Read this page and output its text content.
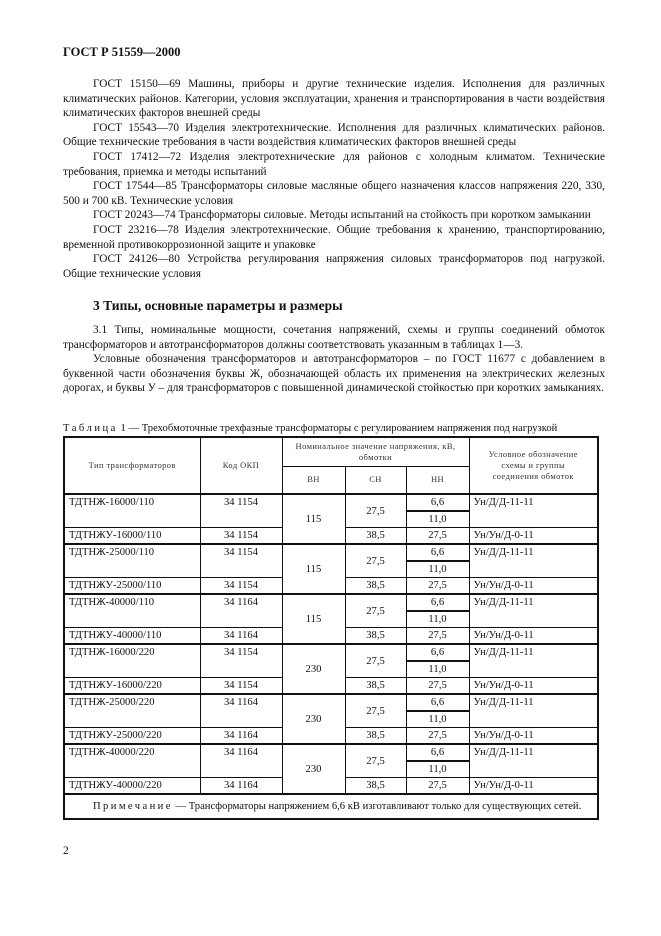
ГОСТ Р 51559—2000

ГОСТ 15150—69 Машины, приборы и другие технические изделия. Исполнения для различных климатических районов. Категории, условия эксплуатации, хранения и транспортирования в части воздействия климатических факторов внешней среды

ГОСТ 15543—70 Изделия электротехнические. Исполнения для различных климатических районов. Общие технические требования в части воздействия климатических факторов внешней среды

ГОСТ 17412—72 Изделия электротехнические для районов с холодным климатом. Технические требования, приемка и методы испытаний

ГОСТ 17544—85 Трансформаторы силовые масляные общего назначения классов напряжения 220, 330, 500 и 700 кВ. Технические условия

ГОСТ 20243—74 Трансформаторы силовые. Методы испытаний на стойкость при коротком замыкании

ГОСТ 23216—78 Изделия электротехнические. Общие требования к хранению, транспортированию, временной противокоррозионной защите и упаковке

ГОСТ 24126—80 Устройства регулирования напряжения силовых трансформаторов под нагрузкой. Общие технические условия

3 Типы, основные параметры и размеры

3.1 Типы, номинальные мощности, сочетания напряжений, схемы и группы соединений обмоток трансформаторов и автотрансформаторов должны соответствовать указанным в таблицах 1—3.

Условные обозначения трансформаторов и автотрансформаторов – по ГОСТ 11677 с добавлением в буквенной части обозначения буквы Ж, обозначающей область их применения на электрических железных дорогах, и буквы У – для трансформаторов с повышенной динамической стойкостью при коротких замыканиях.

Таблица 1 — Трехобмоточные трехфазные трансформаторы с регулированием напряжения под нагрузкой
Тип трансформаторов	Код ОКП	Номинальное значение напряжения, кВ, обмотки			Условное обозначение схемы и группы соединения обмоток
		ВН	СН	НН	
ТДТНЖ-16000/110	34 1154	115	27,5	6,6	Ун/Д/Д-11-11
				11,0	
ТДТНЖУ-16000/110	34 1154		38,5	27,5	Ун/Ун/Д-0-11
ТДТНЖ-25000/110	34 1154	115	27,5	6,6	Ун/Д/Д-11-11
				11,0	
ТДТНЖУ-25000/110	34 1154		38,5	27,5	Ун/Ун/Д-0-11
ТДТНЖ-40000/110	34 1164	115	27,5	6,6	Ун/Д/Д-11-11
				11,0	
ТДТНЖУ-40000/110	34 1164		38,5	27,5	Ун/Ун/Д-0-11
ТДТНЖ-16000/220	34 1154	230	27,5	6,6	Ун/Д/Д-11-11
				11,0	
ТДТНЖУ-16000/220	34 1154		38,5	27,5	Ун/Ун/Д-0-11
ТДТНЖ-25000/220	34 1164	230	27,5	6,6	Ун/Д/Д-11-11
				11,0	
ТДТНЖУ-25000/220	34 1164		38,5	27,5	Ун/Ун/Д-0-11
ТДТНЖ-40000/220	34 1164	230	27,5	6,6	Ун/Д/Д-11-11
				11,0	
ТДТНЖУ-40000/220	34 1164		38,5	27,5	Ун/Ун/Д-0-11
Примечание — Трансформаторы напряжением 6,6 кВ изготавливают только для существующих сетей.					
2
